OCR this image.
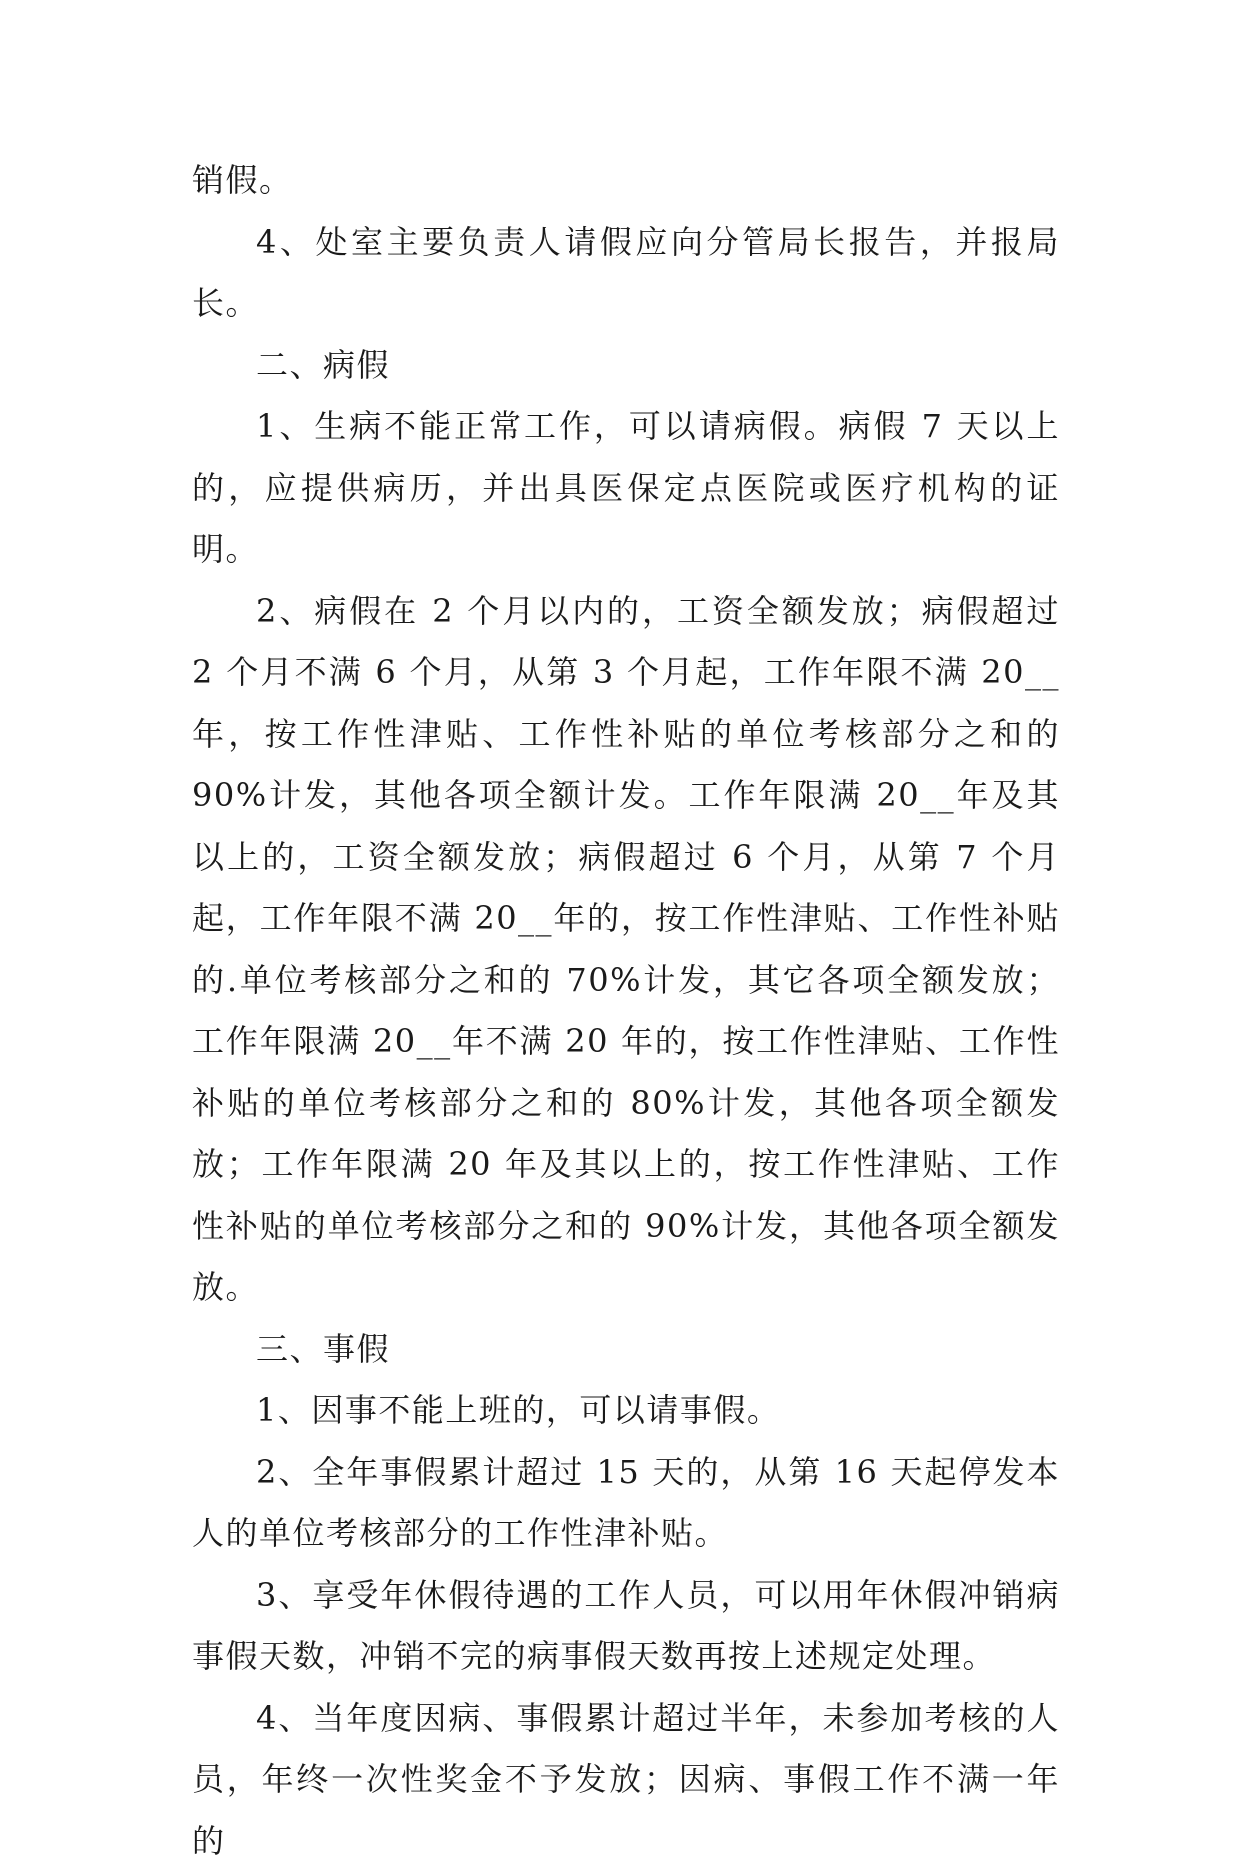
销假。

4、处室主要负责人请假应向分管局长报告，并报局长。

二、病假

1、生病不能正常工作，可以请病假。病假 7 天以上的，应提供病历，并出具医保定点医院或医疗机构的证明。

2、病假在 2 个月以内的，工资全额发放；病假超过 2 个月不满 6 个月，从第 3 个月起，工作年限不满 20__年，按工作性津贴、工作性补贴的单位考核部分之和的 90%计发，其他各项全额计发。工作年限满 20__年及其以上的，工资全额发放；病假超过 6 个月，从第 7 个月起，工作年限不满 20__年的，按工作性津贴、工作性补贴的.单位考核部分之和的 70%计发，其它各项全额发放；工作年限满 20__年不满 20 年的，按工作性津贴、工作性补贴的单位考核部分之和的 80%计发，其他各项全额发放；工作年限满 20 年及其以上的，按工作性津贴、工作性补贴的单位考核部分之和的 90%计发，其他各项全额发放。

三、事假

1、因事不能上班的，可以请事假。

2、全年事假累计超过 15 天的，从第 16 天起停发本人的单位考核部分的工作性津补贴。

3、享受年休假待遇的工作人员，可以用年休假冲销病事假天数，冲销不完的病事假天数再按上述规定处理。

4、当年度因病、事假累计超过半年，未参加考核的人员，年终一次性奖金不予发放；因病、事假工作不满一年的
